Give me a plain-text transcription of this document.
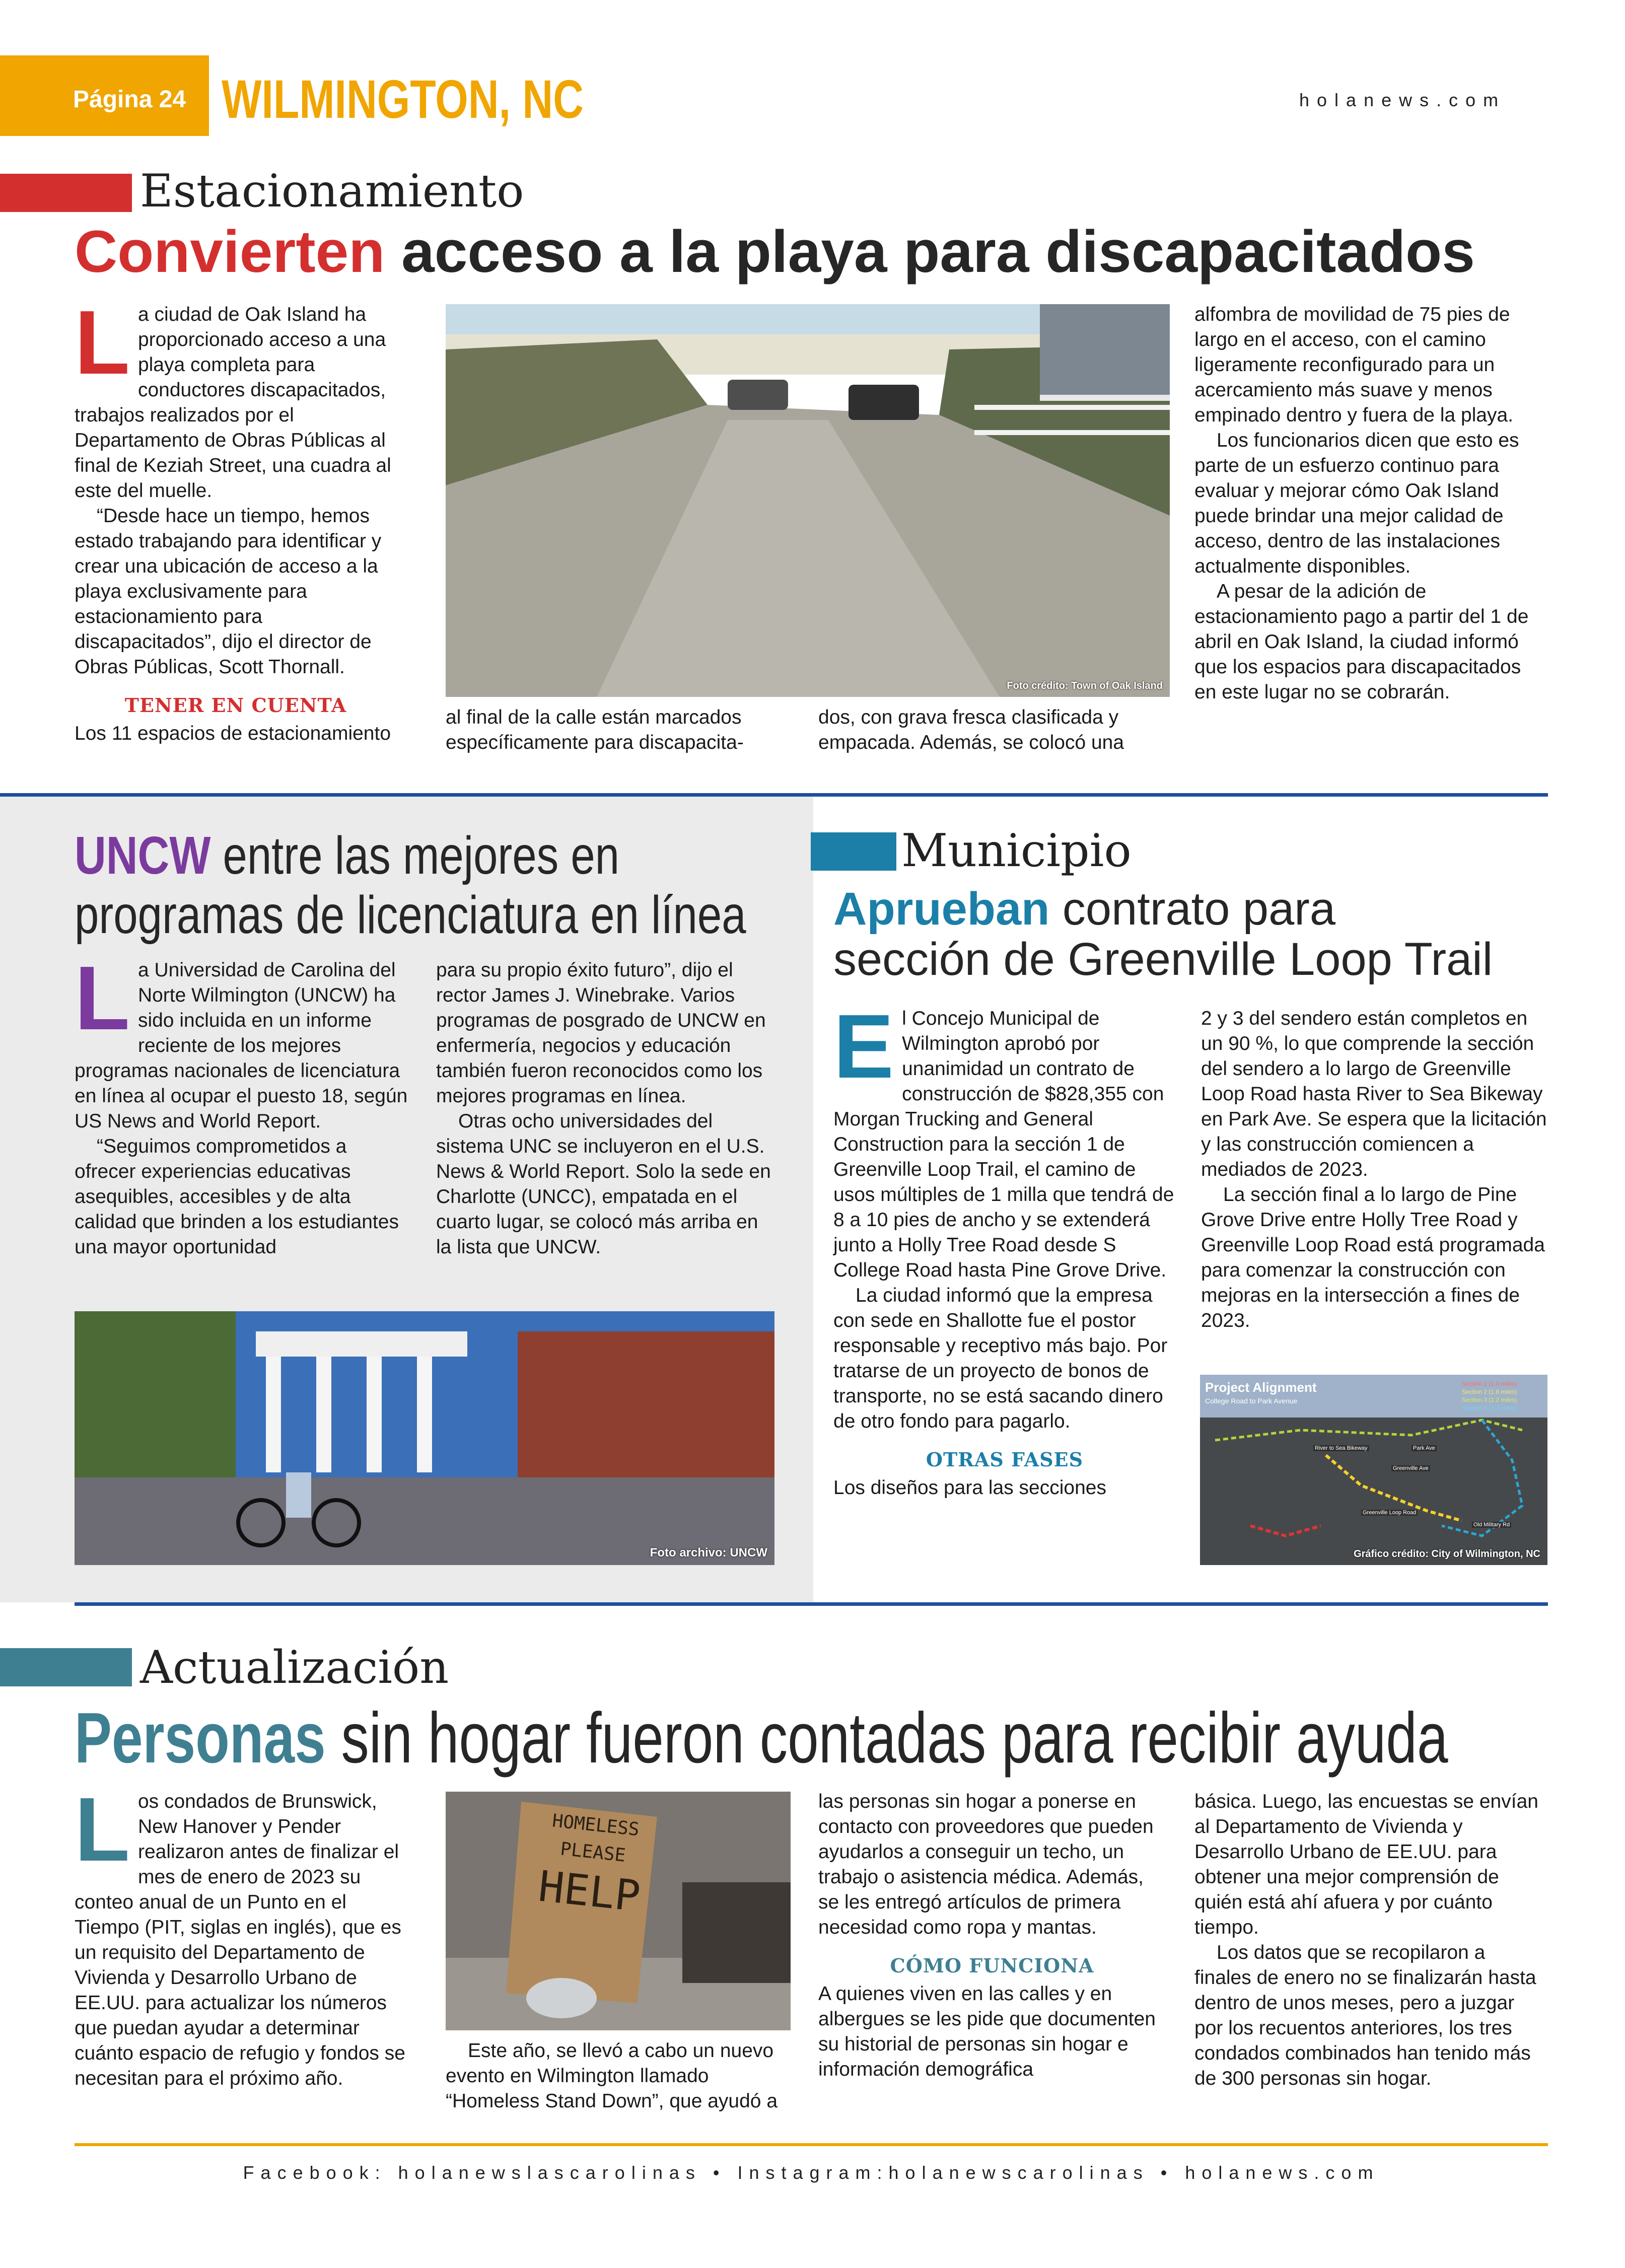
Página 24 WILMINGTON, NC	holanews.com
Estacionamiento
Convierten acceso a la playa para discapacitados
L a ciudad de Oak Island ha proporcionado acceso a una playa completa para conductores discapacitados, trabajos realizados por el Departamento de Obras Públicas al final de Keziah Street, una cuadra al este del muelle.

“Desde hace un tiempo, hemos estado trabajando para identificar y crear una ubicación de acceso a la playa exclusivamente para estacionamiento para discapacitados”, dijo el director de Obras Públicas, Scott Thornall.

TENER EN CUENTA

Los 11 espacios de estacionamiento

Foto crédito: Town of Oak Island

al final de la calle están marcados específicamente para discapacita-

dos, con grava fresca clasificada y empacada. Además, se colocó una

alfombra de movilidad de 75 pies de largo en el acceso, con el camino ligeramente reconfigurado para un acercamiento más suave y menos empinado dentro y fuera de la playa.

Los funcionarios dicen que esto es parte de un esfuerzo continuo para evaluar y mejorar cómo Oak Island puede brindar una mejor calidad de acceso, dentro de las instalaciones actualmente disponibles.

A pesar de la adición de estacionamiento pago a partir del 1 de abril en Oak Island, la ciudad informó que los espacios para discapacitados en este lugar no se cobrarán.

UNCW entre las mejores en
programas de licenciatura en línea
L a Universidad de Carolina del Norte Wilmington (UNCW) ha sido incluida en un informe reciente de los mejores programas nacionales de licenciatura en línea al ocupar el puesto 18, según US News and World Report.

“Seguimos comprometidos a ofrecer experiencias educativas asequibles, accesibles y de alta calidad que brinden a los estudiantes una mayor oportunidad

para su propio éxito futuro”, dijo el rector James J. Winebrake. Varios programas de posgrado de UNCW en enfermería, negocios y educación también fueron reconocidos como los mejores programas en línea.

Otras ocho universidades del sistema UNC se incluyeron en el U.S. News & World Report. Solo la sede en Charlotte (UNCC), empatada en el cuarto lugar, se colocó más arriba en la lista que UNCW.

Foto archivo: UNCW
Municipio
Aprueban contrato para
sección de Greenville Loop Trail
E l Concejo Municipal de Wilmington aprobó por unanimidad un contrato de construcción de $828,355 con Morgan Trucking and General Construction para la sección 1 de Greenville Loop Trail, el camino de usos múltiples de 1 milla que tendrá de 8 a 10 pies de ancho y se extenderá junto a Holly Tree Road desde S College Road hasta Pine Grove Drive.

La ciudad informó que la empresa con sede en Shallotte fue el postor responsable y receptivo más bajo. Por tratarse de un proyecto de bonos de transporte, no se está sacando dinero de otro fondo para pagarlo.

OTRAS FASES

Los diseños para las secciones

2 y 3 del sendero están completos en un 90 %, lo que comprende la sección del sendero a lo largo de Greenville Loop Road hasta River to Sea Bikeway en Park Ave. Se espera que la licitación y las construcción comiencen a mediados de 2023.

La sección final a lo largo de Pine Grove Drive entre Holly Tree Road y Greenville Loop Road está programada para comenzar la construcción con mejoras en la intersección a fines de 2023.

Project Alignment
College Road to Park Avenue
Section 1 (1.0 miles)
Section 2 (1.8 miles)
Section 3 (1.2 miles)
Section 4 (2.3 miles)
River to Sea Bikeway	Park Ave
Greenville Ave
Greenville Loop Road
Old Military Rd
Gráfico crédito: City of Wilmington, NC
Actualización
Personas sin hogar fueron contadas para recibir ayuda
L os condados de Brunswick, New Hanover y Pender realizaron antes de finalizar el mes de enero de 2023 su conteo anual de un Punto en el Tiempo (PIT, siglas en inglés), que es un requisito del Departamento de Vivienda y Desarrollo Urbano de EE.UU. para actualizar los números que puedan ayudar a determinar cuánto espacio de refugio y fondos se necesitan para el próximo año.

HOMELESS
PLEASE
HELP

Este año, se llevó a cabo un nuevo evento en Wilmington llamado “Homeless Stand Down”, que ayudó a

las personas sin hogar a ponerse en contacto con proveedores que pueden ayudarlos a conseguir un techo, un trabajo o asistencia médica. Además, se les entregó artículos de primera necesidad como ropa y mantas.

CÓMO FUNCIONA

A quienes viven en las calles y en albergues se les pide que documenten su historial de personas sin hogar e información demográfica

básica. Luego, las encuestas se envían al Departamento de Vivienda y Desarrollo Urbano de EE.UU. para obtener una mejor comprensión de quién está ahí afuera y por cuánto tiempo.

Los datos que se recopilaron a finales de enero no se finalizarán hasta dentro de unos meses, pero a juzgar por los recuentos anteriores, los tres condados combinados han tenido más de 300 personas sin hogar.

Facebook: holanewslascarolinas • Instagram:holanewscarolinas • holanews.com
